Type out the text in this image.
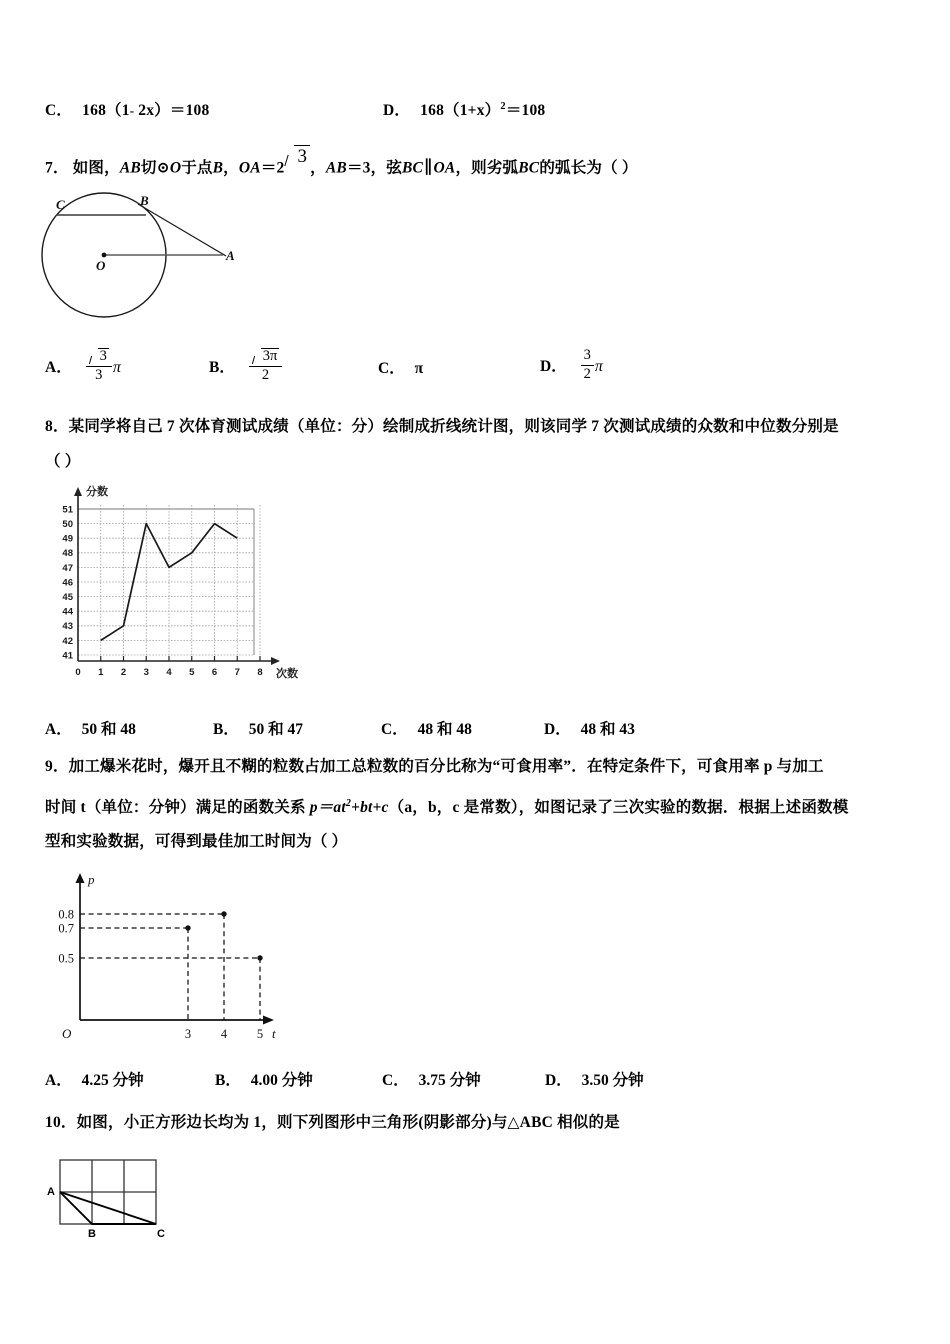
C． 168（1- 2x）＝108	D． $168(1+x)^2=108$
7． 如图，AB切⊙O于点B，OA＝23，AB＝3，弦BC∥OA，则劣弧BC的弧长为（ ）
C	B
O
A
A． $\frac{3}{3}$ π	B． $\frac{3\pi}{2}$	C． π	D． $\frac{3}{2}$ π
8．某同学将自己 7 次体育测试成绩（单位：分）绘制成折线统计图，则该同学 7 次测试成绩的众数和中位数分别是
（ ）
41
42
43
44
45
46
47
48
49
50
51
0 1 2 3 4 5 6 7 8
分数
次数
A． 50 和 48	B． 50 和 47	C． 48 和 48	D． 48 和 43
9．加工爆米花时，爆开且不糊的粒数占加工总粒数的百分比称为“可食用率”．在特定条件下，可食用率 p 与加工
时间 t（单位：分钟）满足的函数关系 $p=at^2+bt+c(a$，b，c 是常数），如图记录了三次实验的数据．根据上述函数模
型和实验数据，可得到最佳加工时间为（ ）
0.5
0.7
0.8
3 4 5
p
t
O
A． 4.25 分钟	B． 4.00 分钟	C． 3.75 分钟	D． 3.50 分钟
10．如图，小正方形边长均为 1，则下列图形中三角形(阴影部分)与△ABC 相似的是
A
B	C
